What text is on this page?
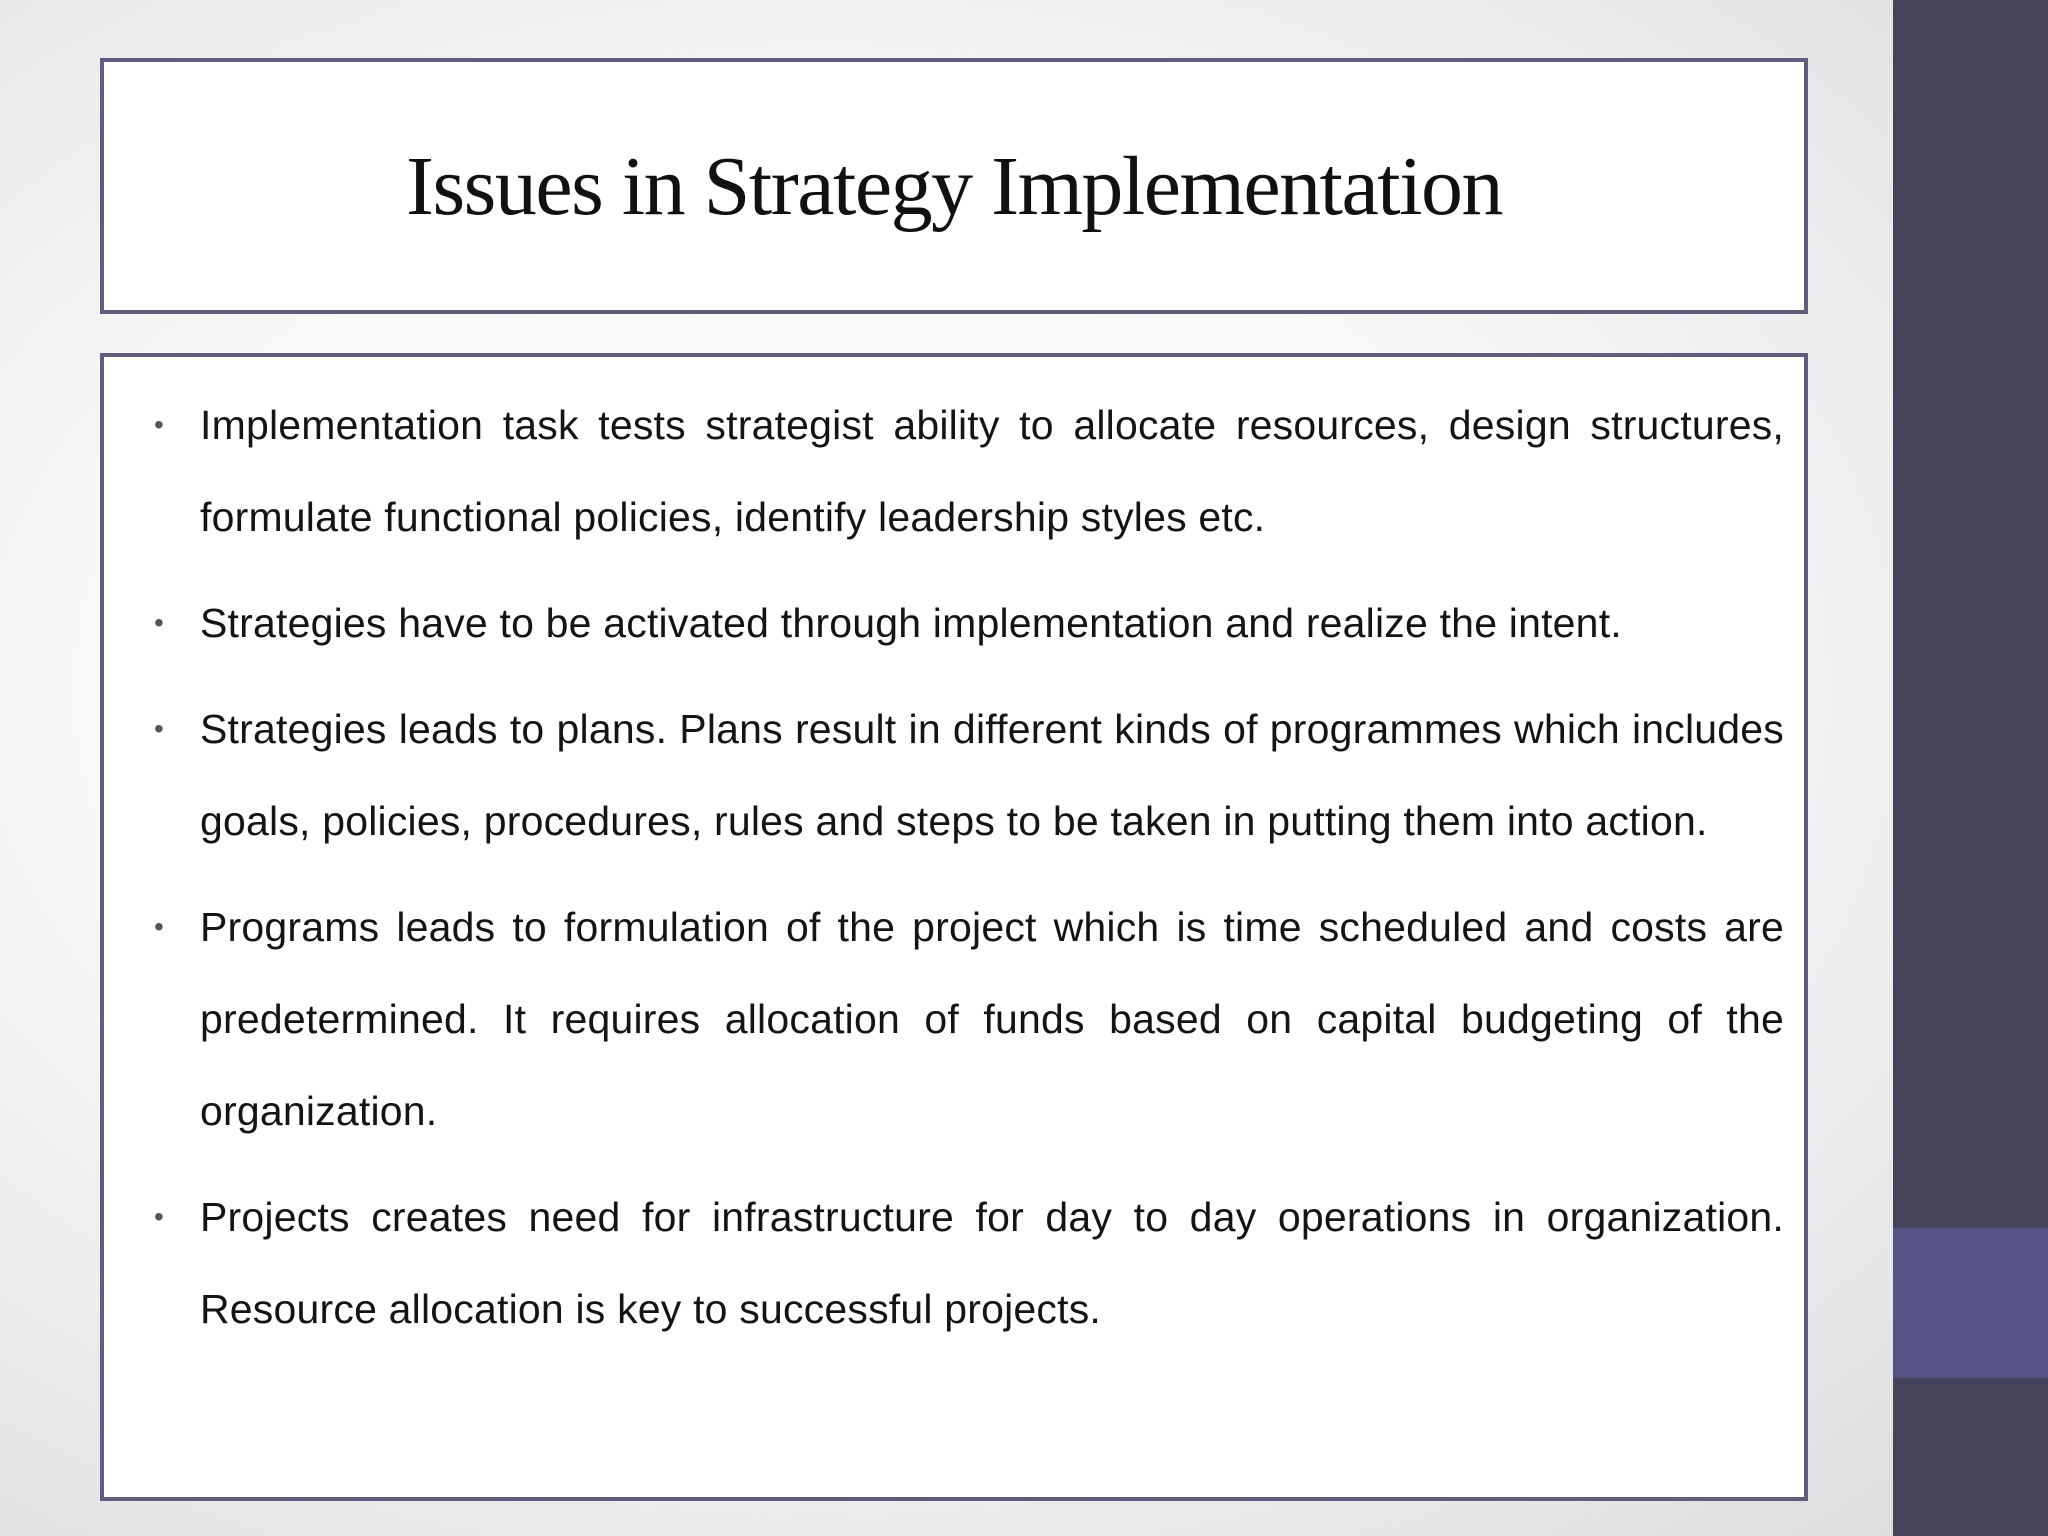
Issues in Strategy Implementation
• Implementation task tests strategist ability to allocate resources, design structures, formulate functional policies, identify leadership styles etc.
• Strategies have to be activated through implementation and realize the intent.
• Strategies leads to plans. Plans result in different kinds of programmes which includes goals, policies, procedures, rules and steps to be taken in putting them into action.
• Programs leads to formulation of the project which is time scheduled and costs are predetermined. It requires allocation of funds based on capital budgeting of the organization.
• Projects creates need for infrastructure for day to day operations in organization. Resource allocation is key to successful projects.
